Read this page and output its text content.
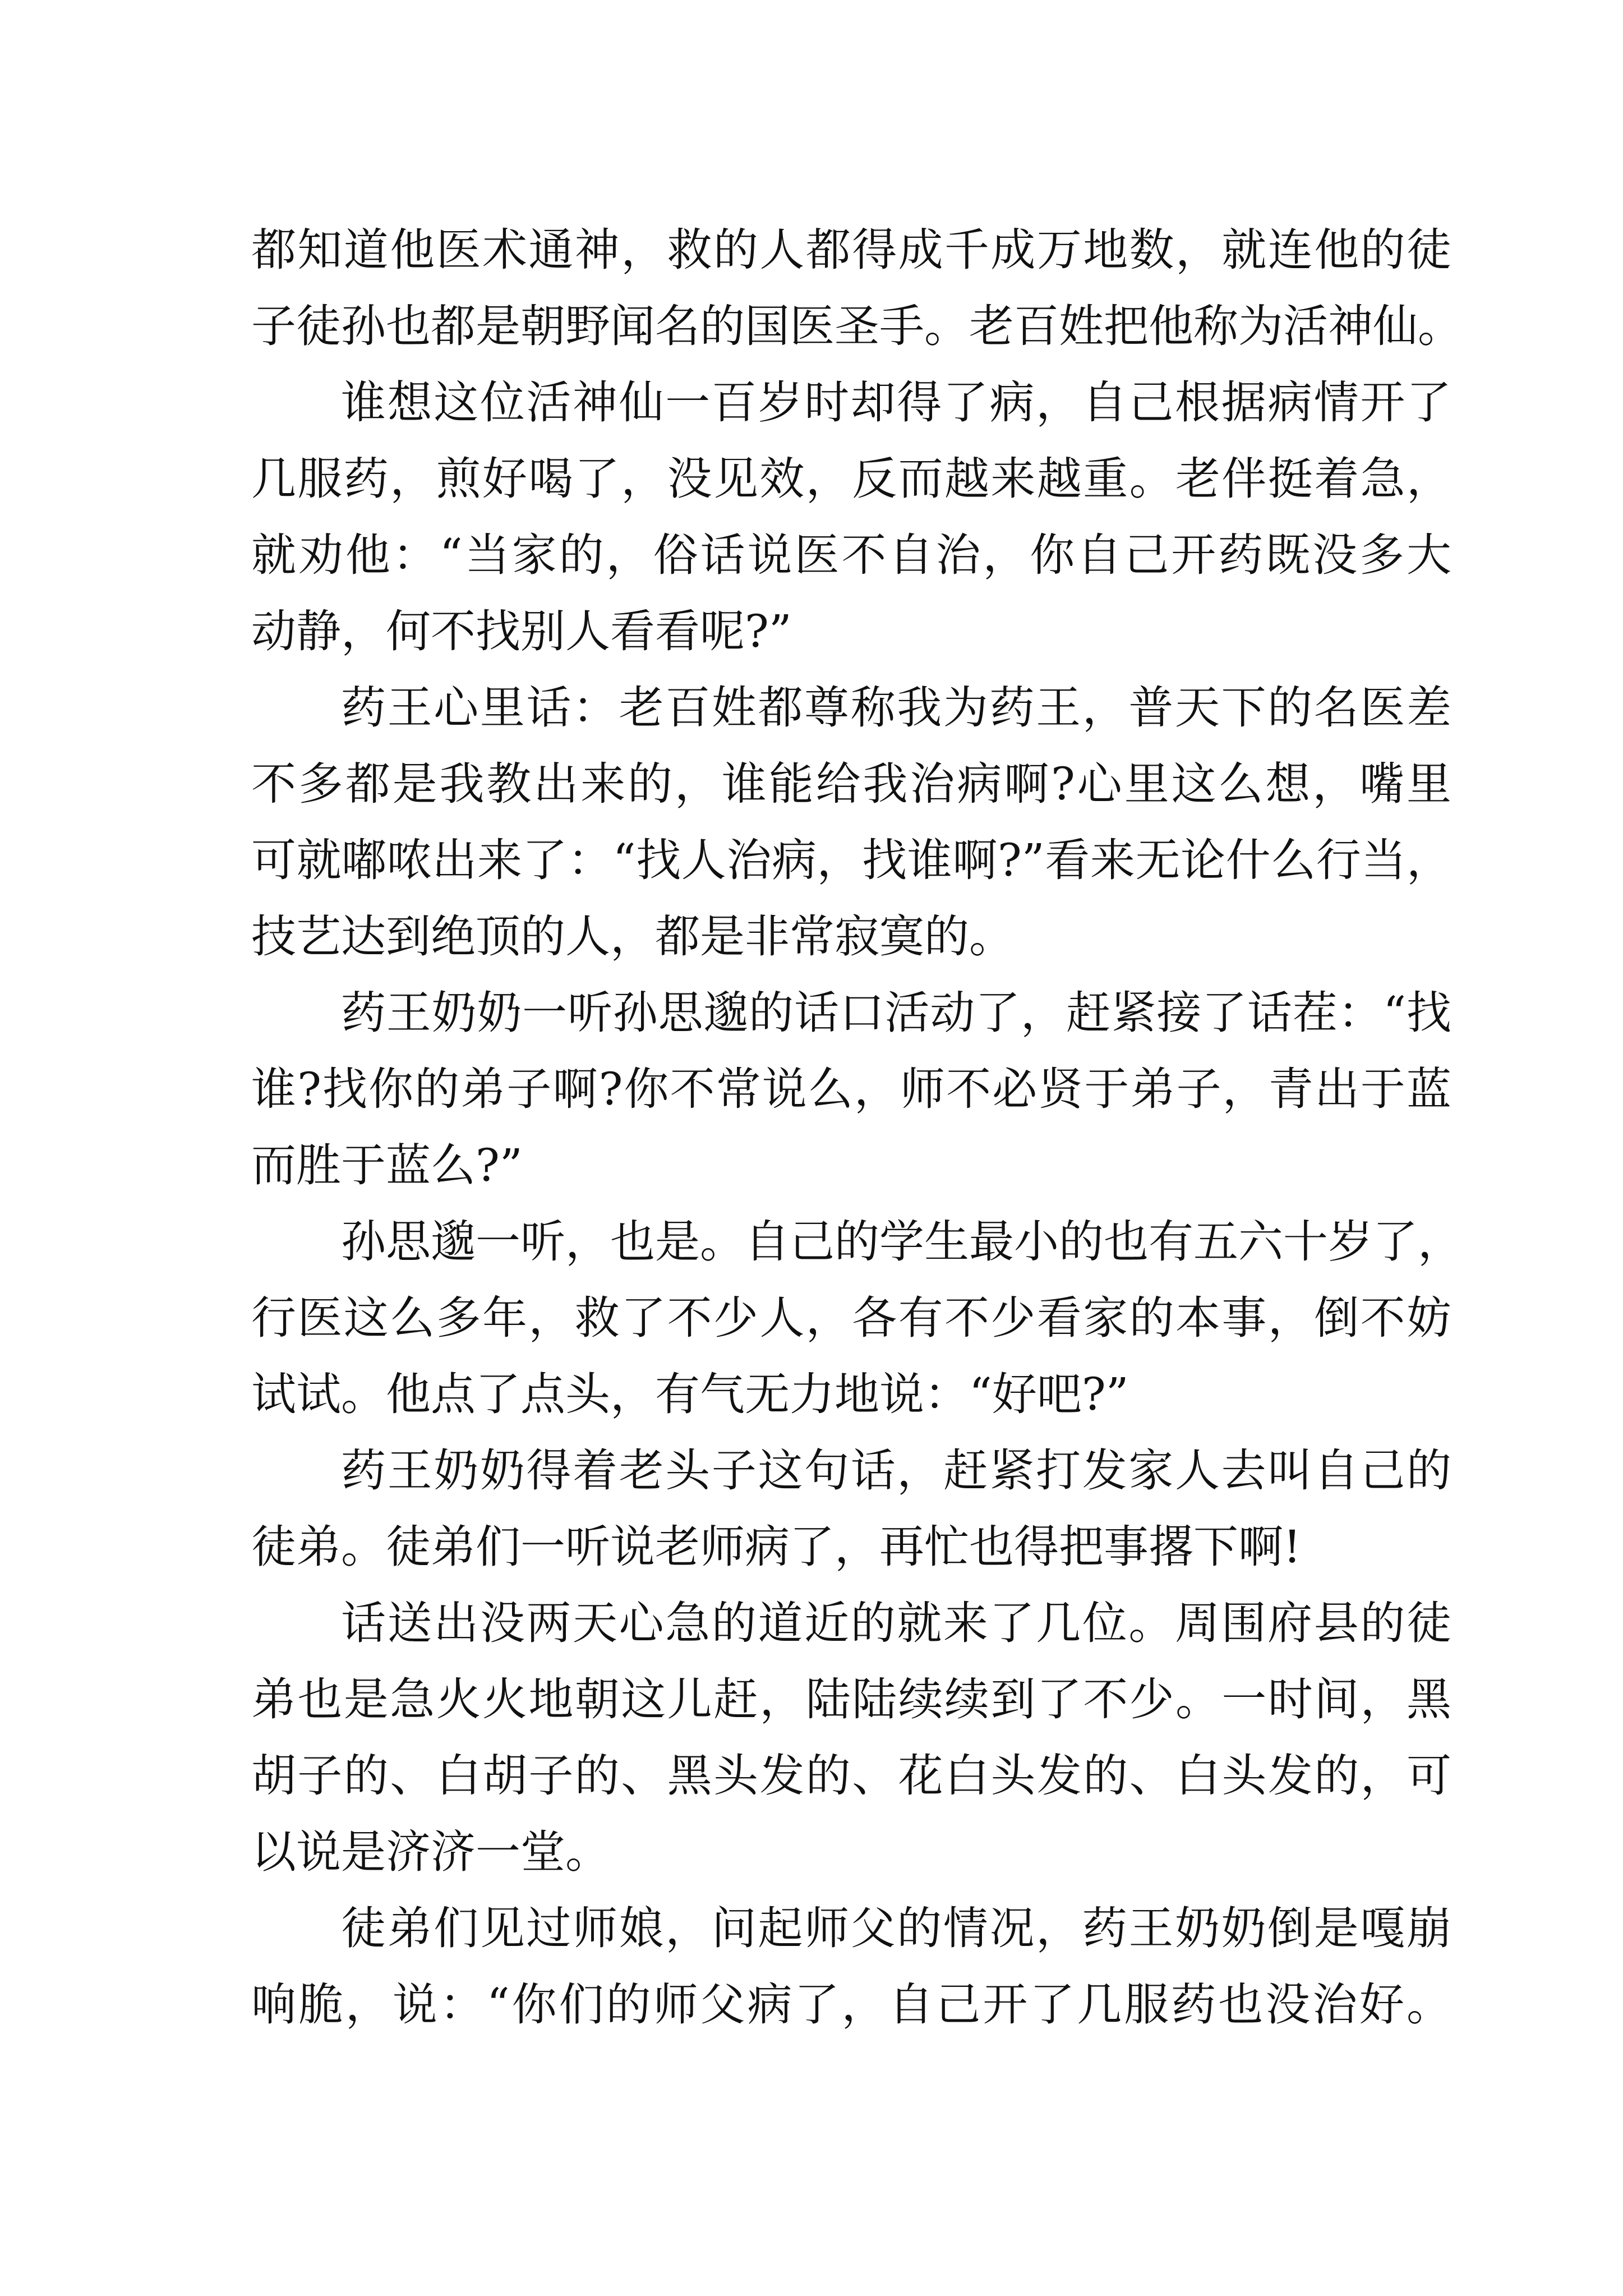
都知道他医术通神，救的人都得成千成万地数，就连他的徒
子徒孙也都是朝野闻名的国医圣手。老百姓把他称为活神仙。
谁想这位活神仙一百岁时却得了病，自己根据病情开了
几服药，煎好喝了，没见效，反而越来越重。老伴挺着急，
就劝他：“当家的，俗话说医不自治，你自己开药既没多大
动静，何不找别人看看呢?”
药王心里话：老百姓都尊称我为药王，普天下的名医差
不多都是我教出来的，谁能给我治病啊?心里这么想，嘴里
可就嘟哝出来了：“找人治病，找谁啊?”看来无论什么行当，
技艺达到绝顶的人，都是非常寂寞的。
药王奶奶一听孙思邈的话口活动了，赶紧接了话茬：“找
谁?找你的弟子啊?你不常说么，师不必贤于弟子，青出于蓝
而胜于蓝么?”
孙思邈一听，也是。自己的学生最小的也有五六十岁了，
行医这么多年，救了不少人，各有不少看家的本事，倒不妨
试试。他点了点头，有气无力地说：“好吧?”
药王奶奶得着老头子这句话，赶紧打发家人去叫自己的
徒弟。徒弟们一听说老师病了，再忙也得把事撂下啊!
话送出没两天心急的道近的就来了几位。周围府县的徒
弟也是急火火地朝这儿赶，陆陆续续到了不少。一时间，黑
胡子的、白胡子的、黑头发的、花白头发的、白头发的，可
以说是济济一堂。
徒弟们见过师娘，问起师父的情况，药王奶奶倒是嘎崩
响脆，说：“你们的师父病了，自己开了几服药也没治好。
